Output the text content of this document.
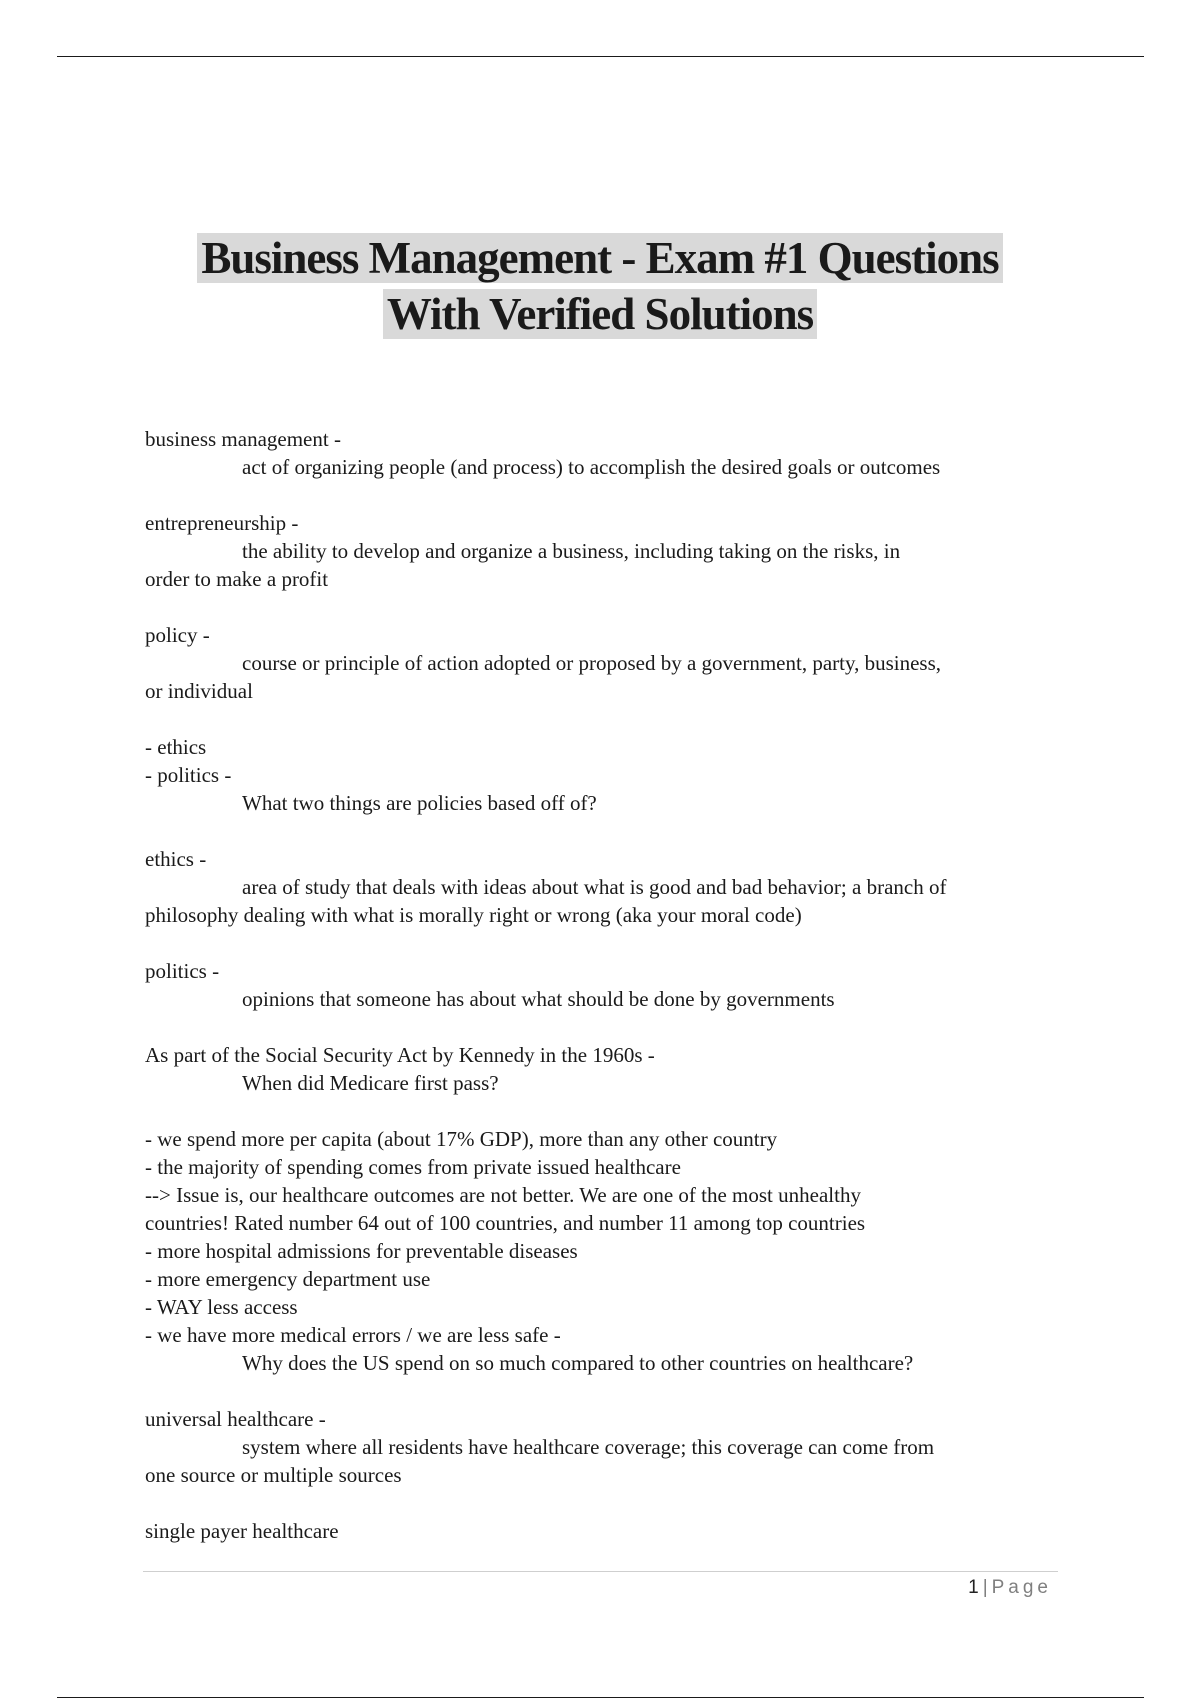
Business Management - Exam #1 Questions
With Verified Solutions

business management -

act of organizing people (and process) to accomplish the desired goals or outcomes

entrepreneurship -

the ability to develop and organize a business, including taking on the risks, in
order to make a profit

policy -

course or principle of action adopted or proposed by a government, party, business,
or individual

- ethics
- politics -

What two things are policies based off of?

ethics -

area of study that deals with ideas about what is good and bad behavior; a branch of
philosophy dealing with what is morally right or wrong (aka your moral code)

politics -

opinions that someone has about what should be done by governments

As part of the Social Security Act by Kennedy in the 1960s -

When did Medicare first pass?

- we spend more per capita (about 17% GDP), more than any other country
- the majority of spending comes from private issued healthcare
--> Issue is, our healthcare outcomes are not better. We are one of the most unhealthy
countries! Rated number 64 out of 100 countries, and number 11 among top countries
- more hospital admissions for preventable diseases
- more emergency department use
- WAY less access
- we have more medical errors / we are less safe -

Why does the US spend on so much compared to other countries on healthcare?

universal healthcare -

system where all residents have healthcare coverage; this coverage can come from
one source or multiple sources

single payer healthcare

1 | Page
